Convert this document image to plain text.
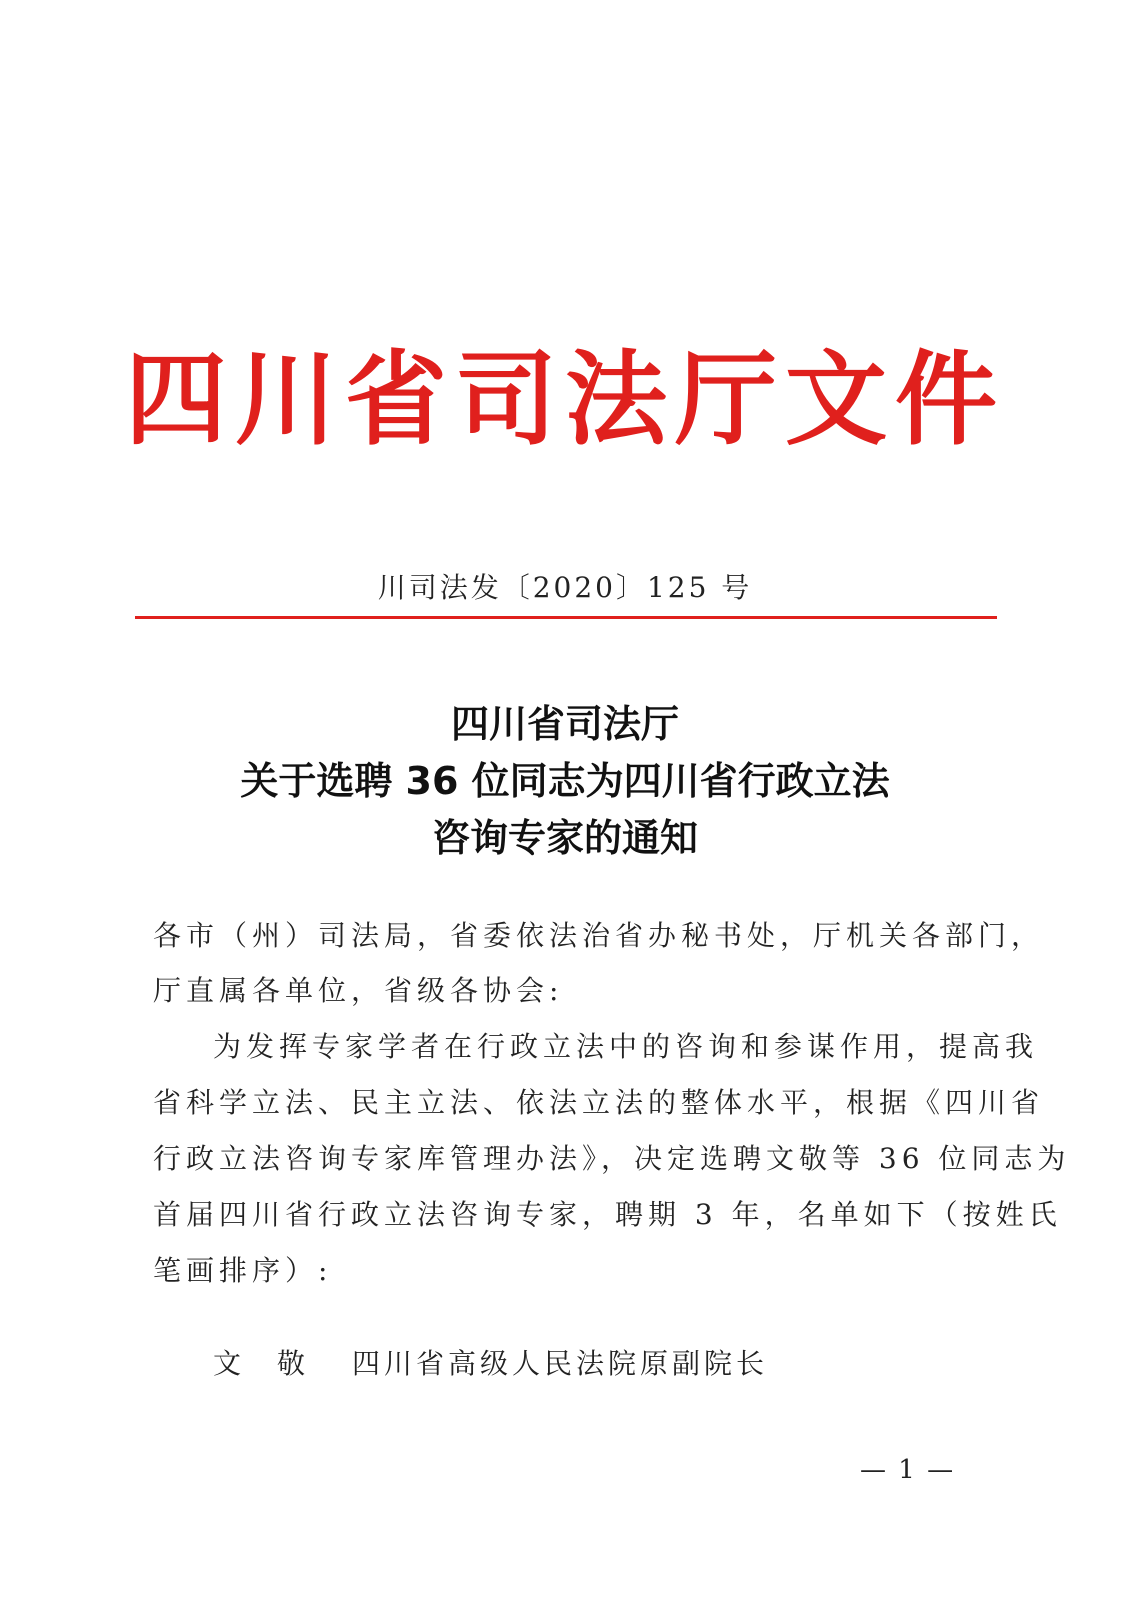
四川省司法厅文件
川司法发〔2020〕125 号
四川省司法厅
关于选聘 36 位同志为四川省行政立法
咨询专家的通知
各市（州）司法局，省委依法治省办秘书处，厅机关各部门，
厅直属各单位，省级各协会:
为发挥专家学者在行政立法中的咨询和参谋作用，提高我
省科学立法、民主立法、依法立法的整体水平，根据《四川省
行政立法咨询专家库管理办法》，决定选聘文敬等 36 位同志为
首届四川省行政立法咨询专家，聘期 3 年，名单如下（按姓氏
笔画排序）:
文敬 四川省高级人民法院原副院长
— 1 —
